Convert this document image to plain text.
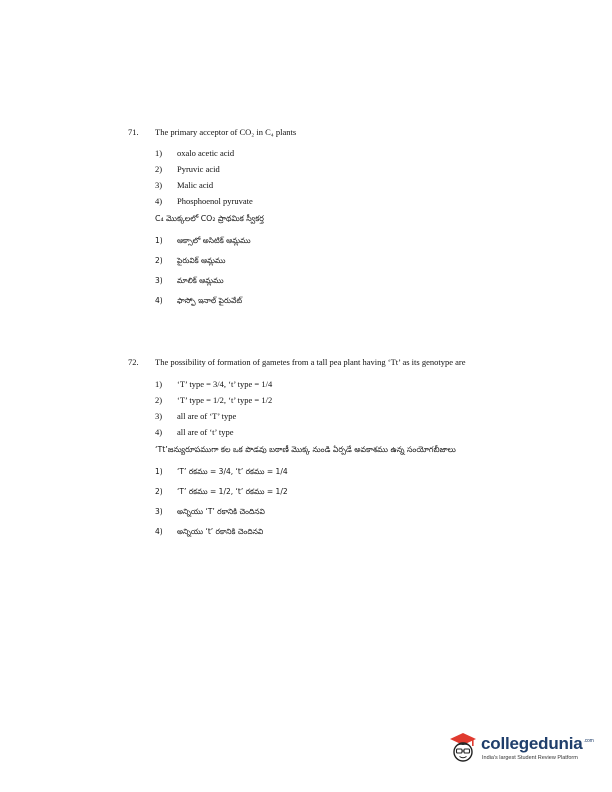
71.	The primary acceptor of CO₂ in C₄ plants
1)	oxalo acetic acid
2)	Pyruvic acid
3)	Malic acid
4)	Phosphoenol pyruvate
C₄ మొక్కలలో CO₂ ప్రాథమిక స్వీకర్త
1)	ఆక్సాలో అసిటిక్ ఆమ్లము
2)	పైరువిక్ ఆమ్లము
3)	మాలిక్ ఆమ్లము
4)	ఫాస్ఫో ఇనాల్ పైరువేట్
72.	The possibility of formation of gametes from a tall pea plant having ‘Tt’ as its genotype are
1)	‘T’ type = 3/4, ‘t’ type = 1/4
2)	‘T’ type = 1/2, ‘t’ type = 1/2
3)	all are of ‘T’ type
4)	all are of ‘t’ type
‘Tt’జన్యురూపముగా కల ఒక పొడవు బఠాణీ మొక్క నుండి ఏర్పడే అవకాశము ఉన్న సంయోగబీజాలు
1)	‘T’ రకము = 3/4, ‘t’ రకము = 1/4
2)	‘T’ రకము = 1/2, ‘t’ రకము = 1/2
3)	అన్నియు ‘T’ రకానికి చెందినవి
4)	అన్నియు ‘t’ రకానికి చెందినవి
collegedunia$^{.com}$
India's largest Student Review Platform
